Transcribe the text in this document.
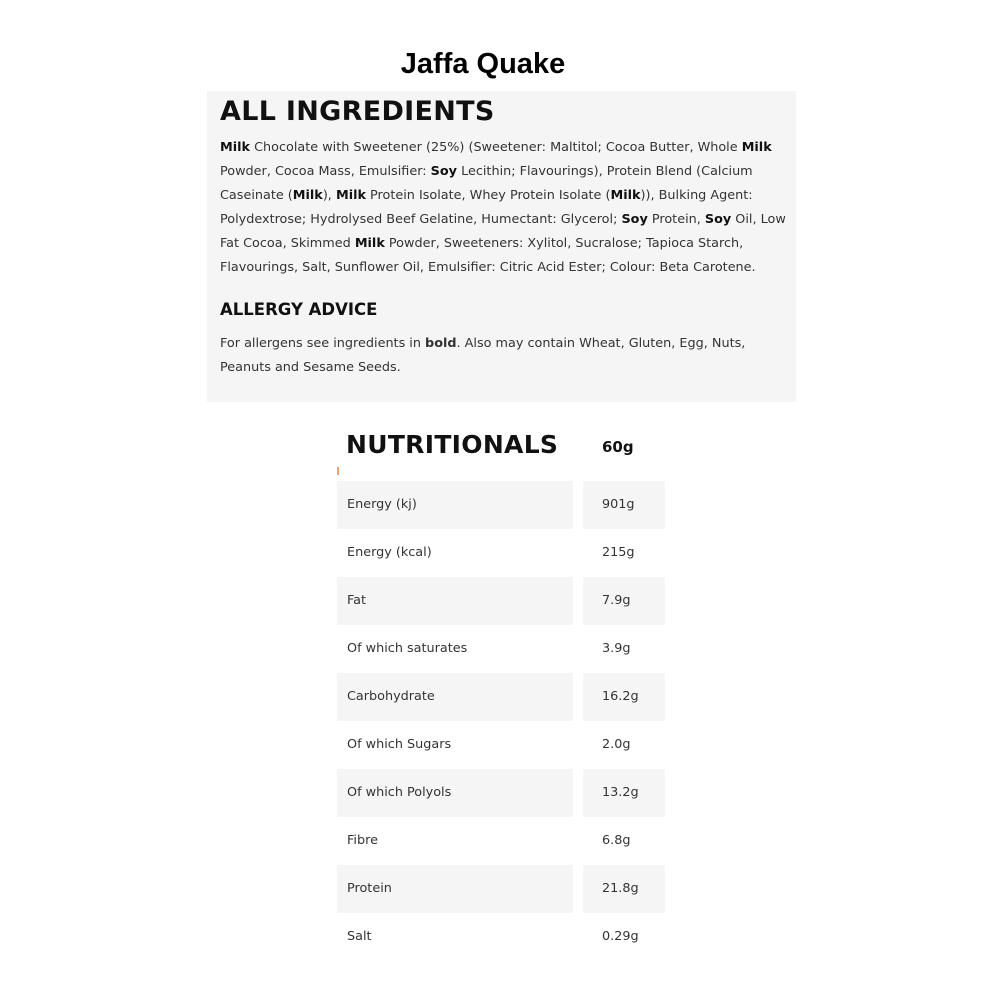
Jaffa Quake
ALL INGREDIENTS

Milk Chocolate with Sweetener (25%) (Sweetener: Maltitol; Cocoa Butter, Whole Milk Powder, Cocoa Mass, Emulsifier: Soy Lecithin; Flavourings), Protein Blend (Calcium Caseinate (Milk), Milk Protein Isolate, Whey Protein Isolate (Milk)), Bulking Agent: Polydextrose; Hydrolysed Beef Gelatine, Humectant: Glycerol; Soy Protein, Soy Oil, Low Fat Cocoa, Skimmed Milk Powder, Sweeteners: Xylitol, Sucralose; Tapioca Starch, Flavourings, Salt, Sunflower Oil, Emulsifier: Citric Acid Ester; Colour: Beta Carotene.

ALLERGY ADVICE

For allergens see ingredients in bold. Also may contain Wheat, Gluten, Egg, Nuts, Peanuts and Sesame Seeds.

NUTRITIONALS	60g
Energy (kj)	901g
Energy (kcal)	215g
Fat	7.9g
Of which saturates	3.9g
Carbohydrate	16.2g
Of which Sugars	2.0g
Of which Polyols	13.2g
Fibre	6.8g
Protein	21.8g
Salt	0.29g
